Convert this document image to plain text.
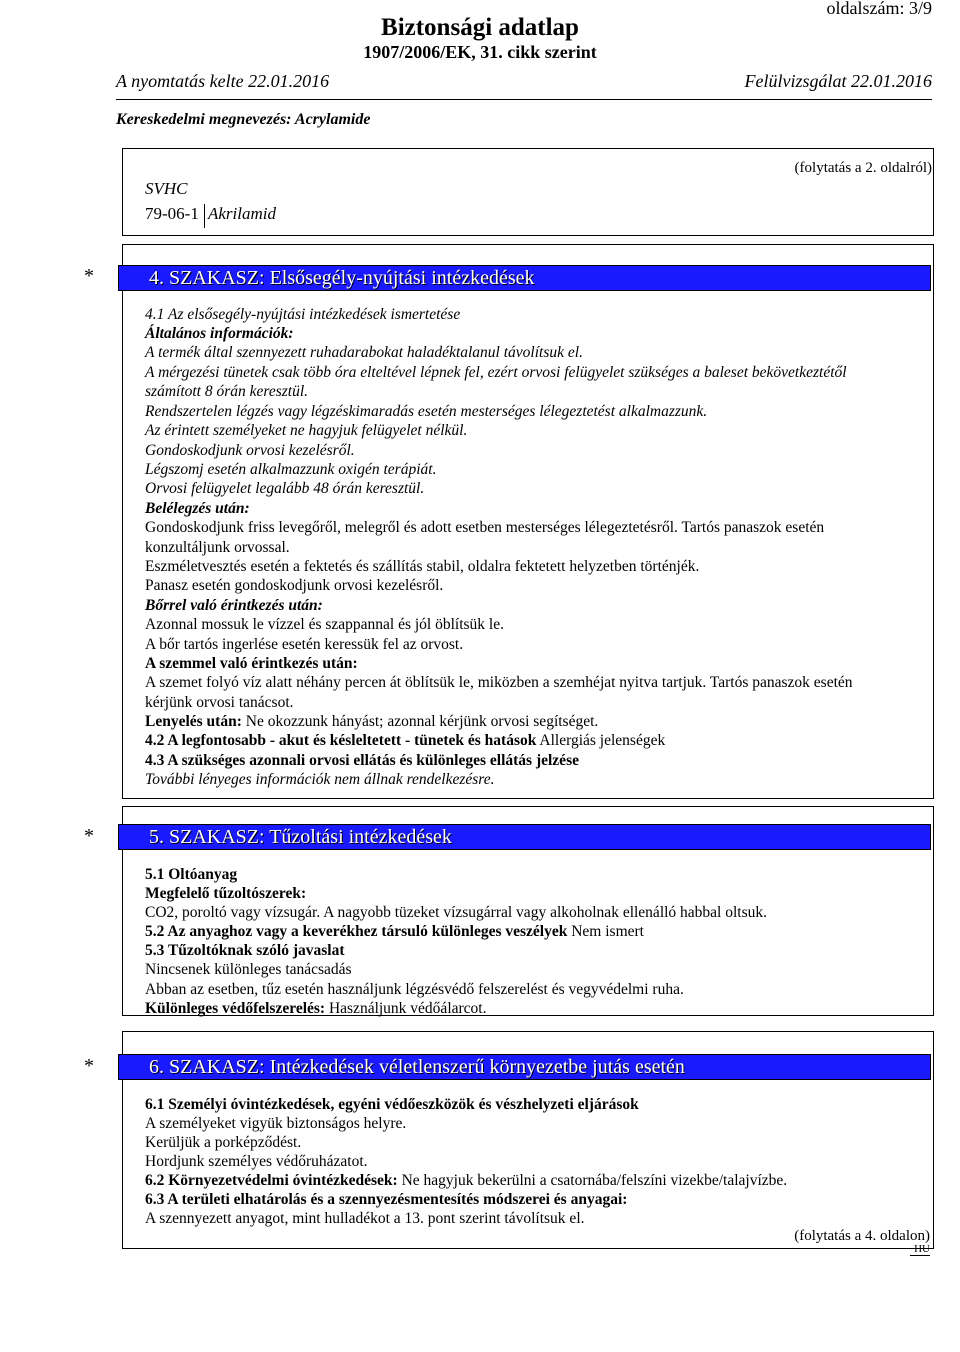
oldalszám: 3/9
Biztonsági adatlap
1907/2006/EK, 31. cikk szerint
A nyomtatás kelte 22.01.2016	Felülvizsgálat 22.01.2016
Kereskedelmi megnevezés: Acrylamide
(folytatás a 2. oldalról)
SVHC
79-06-1 Akrilamid
*	4. SZAKASZ: Elsősegély-nyújtási intézkedések
4.1 Az elsősegély-nyújtási intézkedések ismertetése
Általános információk:
A termék által szennyezett ruhadarabokat haladéktalanul távolítsuk el.
A mérgezési tünetek csak több óra elteltével lépnek fel, ezért orvosi felügyelet szükséges a baleset bekövetkeztétől
számított 8 órán keresztül.
Rendszertelen légzés vagy légzéskimaradás esetén mesterséges lélegeztetést alkalmazzunk.
Az érintett személyeket ne hagyjuk felügyelet nélkül.
Gondoskodjunk orvosi kezelésről.
Légszomj esetén alkalmazzunk oxigén terápiát.
Orvosi felügyelet legalább 48 órán keresztül.
Belélegzés után:
Gondoskodjunk friss levegőről, melegről és adott esetben mesterséges lélegeztetésről. Tartós panaszok esetén
konzultáljunk orvossal.
Eszméletvesztés esetén a fektetés és szállítás stabil, oldalra fektetett helyzetben történjék.
Panasz esetén gondoskodjunk orvosi kezelésről.
Bőrrel való érintkezés után:
Azonnal mossuk le vízzel és szappannal és jól öblítsük le.
A bőr tartós ingerlése esetén keressük fel az orvost.
A szemmel való érintkezés után:
A szemet folyó víz alatt néhány percen át öblítsük le, miközben a szemhéjat nyitva tartjuk. Tartós panaszok esetén
kérjünk orvosi tanácsot.
Lenyelés után: Ne okozzunk hányást; azonnal kérjünk orvosi segítséget.
4.2 A legfontosabb - akut és késleltetett - tünetek és hatások Allergiás jelenségek
4.3 A szükséges azonnali orvosi ellátás és különleges ellátás jelzése
További lényeges információk nem állnak rendelkezésre.
*	5. SZAKASZ: Tűzoltási intézkedések
5.1 Oltóanyag
Megfelelő tűzoltószerek:
CO2, poroltó vagy vízsugár. A nagyobb tüzeket vízsugárral vagy alkoholnak ellenálló habbal oltsuk.
5.2 Az anyaghoz vagy a keverékhez társuló különleges veszélyek Nem ismert
5.3 Tűzoltóknak szóló javaslat
Nincsenek különleges tanácsadás
Abban az esetben, tűz esetén használjunk légzésvédő felszerelést és vegyvédelmi ruha.
Különleges védőfelszerelés: Használjunk védőálarcot.
*	6. SZAKASZ: Intézkedések véletlenszerű környezetbe jutás esetén
6.1 Személyi óvintézkedések, egyéni védőeszközök és vészhelyzeti eljárások
A személyeket vigyük biztonságos helyre.
Kerüljük a porképződést.
Hordjunk személyes védőruházatot.
6.2 Környezetvédelmi óvintézkedések: Ne hagyjuk bekerülni a csatornába/felszíni vizekbe/talajvízbe.
6.3 A területi elhatárolás és a szennyezésmentesítés módszerei és anyagai:
A szennyezett anyagot, mint hulladékot a 13. pont szerint távolítsuk el.
(folytatás a 4. oldalon)
HU
